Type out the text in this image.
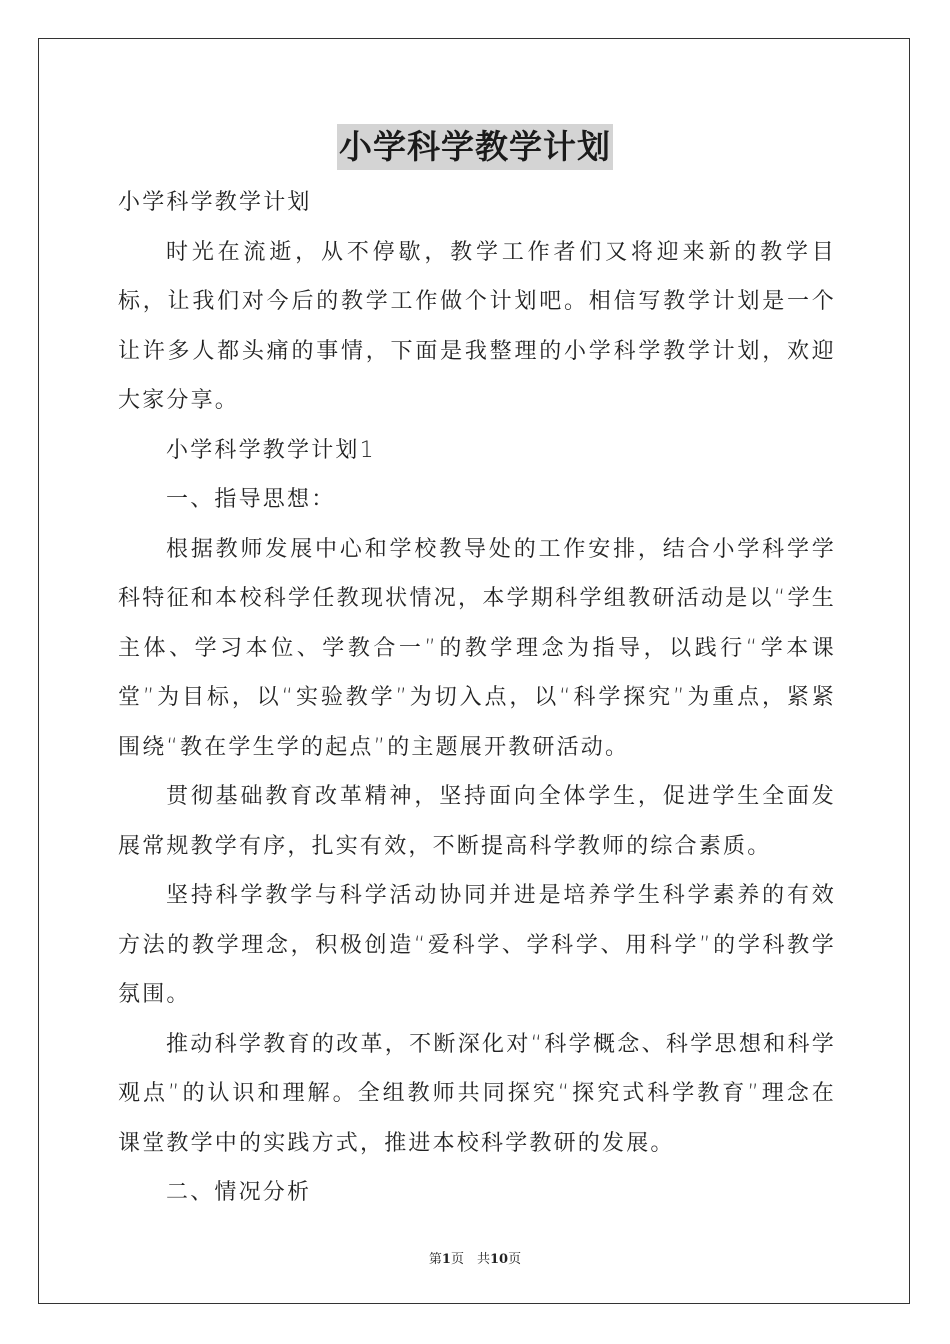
小学科学教学计划

小学科学教学计划

时光在流逝，从不停歇，教学工作者们又将迎来新的教学目标，让我们对今后的教学工作做个计划吧。相信写教学计划是一个让许多人都头痛的事情，下面是我整理的小学科学教学计划，欢迎大家分享。

小学科学教学计划1

一、指导思想：

根据教师发展中心和学校教导处的工作安排，结合小学科学学科特征和本校科学任教现状情况，本学期科学组教研活动是以“学生主体、学习本位、学教合一”的教学理念为指导，以践行“学本课堂”为目标，以“实验教学”为切入点，以“科学探究”为重点，紧紧围绕“教在学生学的起点”的主题展开教研活动。

贯彻基础教育改革精神，坚持面向全体学生，促进学生全面发展常规教学有序，扎实有效，不断提高科学教师的综合素质。

坚持科学教学与科学活动协同并进是培养学生科学素养的有效方法的教学理念，积极创造“爱科学、学科学、用科学”的学科教学氛围。

推动科学教育的改革，不断深化对“科学概念、科学思想和科学观点”的认识和理解。全组教师共同探究“探究式科学教育”理念在课堂教学中的实践方式，推进本校科学教研的发展。

二、情况分析

第1页　共10页
